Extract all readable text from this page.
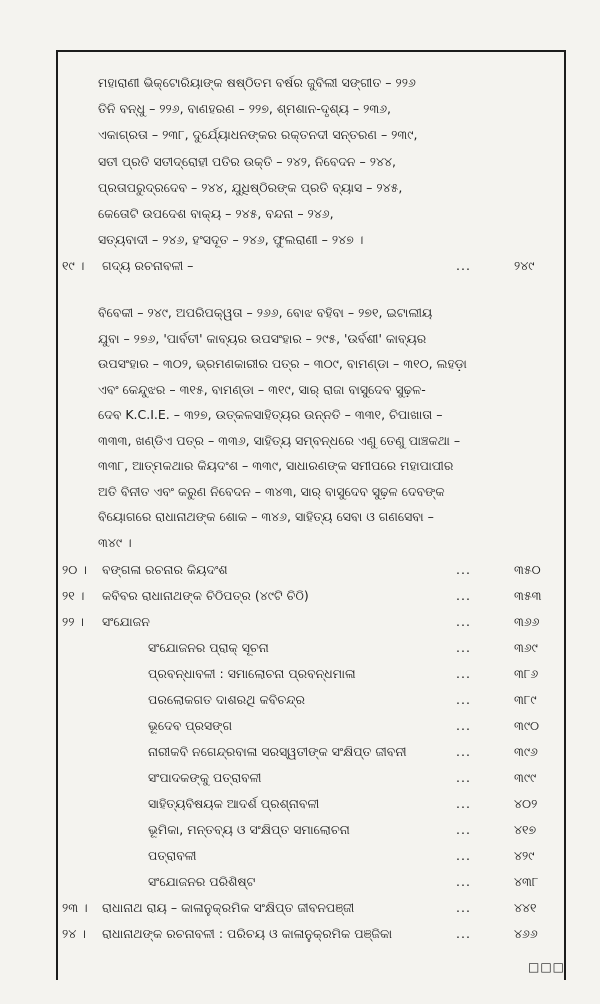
ମହାରାଣୀ ଭିକ୍ଟୋରିୟାଙ୍କ ଷଷ୍ଠିତମ ବର୍ଷର ଜୁବିଲୀ ସଙ୍ଗୀତ – ୨୨୬
ତିନି ବନ୍ଧୁ – ୨୨୬, ବାଣହରଣ – ୨୨୭, ଶ୍ମଶାନ-ଦୃଶ୍ୟ – ୨୩୬,
ଏକାଗ୍ରତା – ୨୩୮, ଦୁର୍ଯ୍ୟୋଧନଙ୍କର ରକ୍ତନଦୀ ସନ୍ତରଣ – ୨୩୯,
ସତୀ ପ୍ରତି ସତୀଦ୍ରୋହୀ ପତିର ଉକ୍ତି – ୨୪୨, ନିବେଦନ – ୨୪୪,
ପ୍ରତାପରୁଦ୍ରଦେବ – ୨୪୪, ଯୁଧିଷ୍ଠିରଙ୍କ ପ୍ରତି ବ୍ୟାସ – ୨୪୫,
କେତୋଟି ଉପଦେଶ ବାକ୍ୟ – ୨୪୫, ବନ୍ଦନା – ୨୪୬,
ସତ୍ୟବାଦୀ – ୨୪୬, ହଂସଦୂତ – ୨୪୬, ଫୁଲରାଣୀ – ୨୪୭ ।
୧୯ ।	ଗଦ୍ୟ ରଚନାବଳୀ –	...	୨୪୯
ବିବେକୀ – ୨୪୯, ଅପରିପକ୍ୱତା – ୨୬୬, ବୋଝ ବହିବା – ୨୭୧, ଇଟାଲୀୟ
ଯୁବା – ୨୭୬, 'ପାର୍ବତୀ' କାବ୍ୟର ଉପସଂହାର – ୨୯୫, 'ଉର୍ବଶୀ' କାବ୍ୟର
ଉପସଂହାର – ୩୦୨, ଭ୍ରମଣକାରୀର ପତ୍ର – ୩୦୯, ବାମଣ୍ଡା – ୩୧୦, ଲହଡ଼ା
ଏବଂ କେନ୍ଦୁଝର – ୩୧୫, ବାମଣ୍ଡା – ୩୧୯, ସାର୍ ରାଜା ବାସୁଦେବ ସୁଢ଼ଳ-
ଦେବ K.C.I.E. – ୩୨୭, ଉତ୍କଳସାହିତ୍ୟର ଉନ୍ନତି – ୩୩୧, ଚିପାଖାତା –
୩୩୩, ଖଣ୍ଡିଏ ପତ୍ର – ୩୩୬, ସାହିତ୍ୟ ସମ୍ବନ୍ଧରେ ଏଣୁ ତେଣୁ ପାଞ୍ଚକଥା –
୩୩୮, ଆତ୍ମକଥାର କିୟଦଂଶ – ୩୩୯, ସାଧାରଣଙ୍କ ସମୀପରେ ମହାପାପୀର
ଅତି ବିନୀତ ଏବଂ କରୁଣ ନିବେଦନ – ୩୪୩, ସାର୍ ବାସୁଦେବ ସୁଢ଼ଳ ଦେବଙ୍କ
ବିୟୋଗରେ ରାଧାନାଥଙ୍କ ଶୋକ – ୩୪୬, ସାହିତ୍ୟ ସେବା ଓ ଗଣସେବା –
୩୪୯ ।
୨୦ ।	ବଙ୍ଗଳା ରଚନାର କିୟଦଂଶ	...	୩୫୦
୨୧ ।	କବିବର ରାଧାନାଥଙ୍କ ଚିଠିପତ୍ର (୪୯ଟି ଚିଠି)	...	୩୫୩
୨୨ ।	ସଂଯୋଜନ	...	୩୬୬
ସଂଯୋଜନର ପ୍ରାକ୍ ସୂଚନା	...	୩୬୯
ପ୍ରବନ୍ଧାବଳୀ : ସମାଲୋଚନା ପ୍ରବନ୍ଧମାଳା	...	୩୮୬
ପରଲୋକଗତ ଦାଶରଥି କବିଚନ୍ଦ୍ର	...	୩୮୯
ଭୂଦେବ ପ୍ରସଙ୍ଗ	...	୩୯୦
ନାରୀକବି ନଗେନ୍ଦ୍ରବାଳା ସରସ୍ୱତୀଙ୍କ ସଂକ୍ଷିପ୍ତ ଜୀବନୀ	...	୩୯୬
ସଂପାଦକଙ୍କୁ ପତ୍ରାବଳୀ	...	୩୯୯
ସାହିତ୍ୟବିଷୟକ ଆଦର୍ଶ ପ୍ରଶ୍ନାବଳୀ	...	୪୦୨
ଭୂମିକା, ମନ୍ତବ୍ୟ ଓ ସଂକ୍ଷିପ୍ତ ସମାଲୋଚନା	...	୪୧୭
ପତ୍ରାବଳୀ	...	୪୨୯
ସଂଯୋଜନର ପରିଶିଷ୍ଟ	...	୪୩୮
୨୩ ।	ରାଧାନାଥ ରାୟ – କାଳାନୁକ୍ରମିକ ସଂକ୍ଷିପ୍ତ ଜୀବନପଞ୍ଜୀ	...	୪୪୧
୨୪ ।	ରାଧାନାଥଙ୍କ ରଚନାବଳୀ : ପରିଚୟ ଓ କାଳାନୁକ୍ରମିକ ପଞ୍ଜିକା	...	୪୬୬
□□□
